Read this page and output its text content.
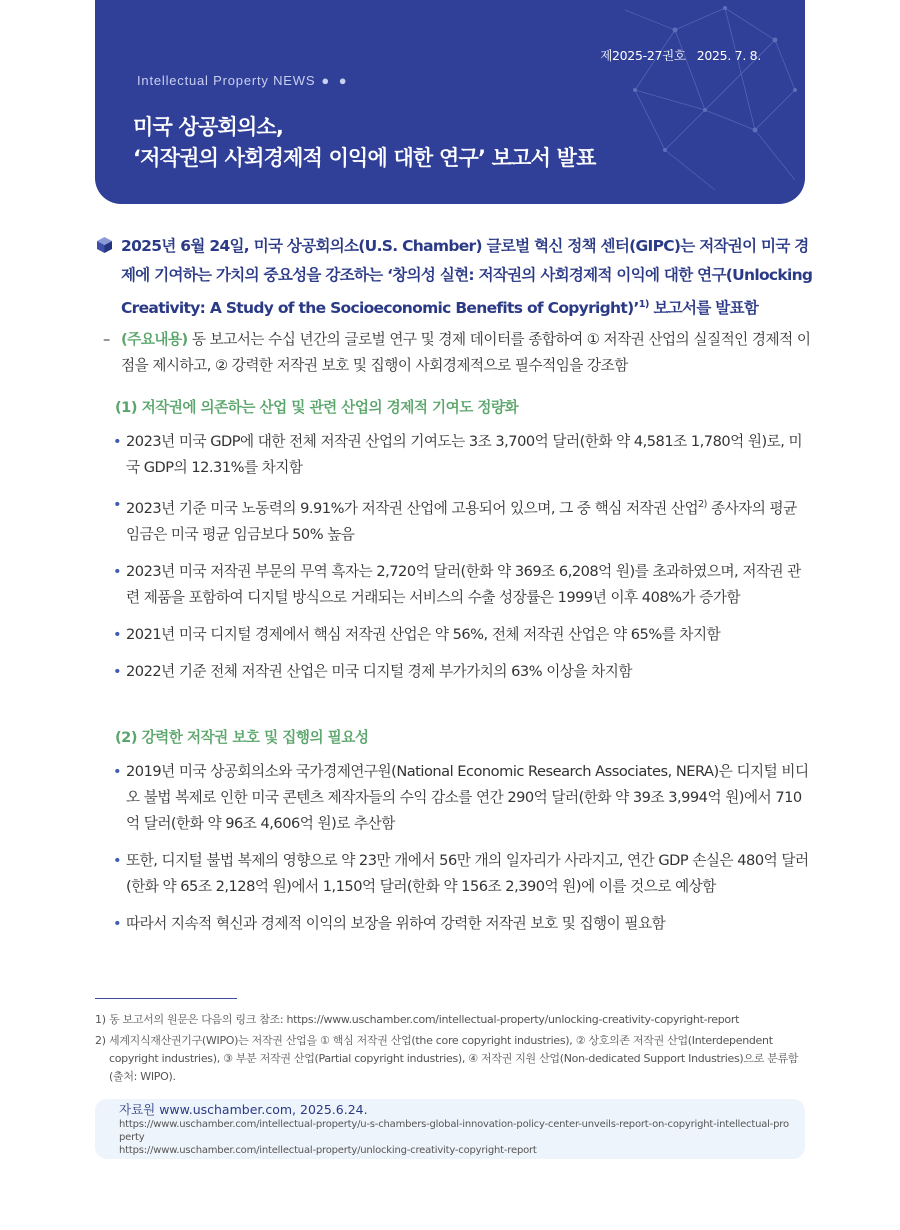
제2025-27권호 2025. 7. 8.
Intellectual Property NEWS ● ●
미국 상공회의소,
‘저작권의 사회경제적 이익에 대한 연구’ 보고서 발표

2025년 6월 24일, 미국 상공회의소(U.S. Chamber) 글로벌 혁신 정책 센터(GIPC)는 저작권이 미국 경제에 기여하는 가치의 중요성을 강조하는 ‘창의성 실현: 저작권의 사회경제적 이익에 대한 연구(Unlocking Creativity: A Study of the Socioeconomic Benefits of Copyright)’$^{1)}$ 보고서를 발표함

– (주요내용) 동 보고서는 수십 년간의 글로벌 연구 및 경제 데이터를 종합하여 ① 저작권 산업의 실질적인 경제적 이점을 제시하고, ② 강력한 저작권 보호 및 집행이 사회경제적으로 필수적임을 강조함

(1) 저작권에 의존하는 산업 및 관련 산업의 경제적 기여도 정량화
• 2023년 미국 GDP에 대한 전체 저작권 산업의 기여도는 3조 3,700억 달러(한화 약 4,581조 1,780억 원)로, 미국 GDP의 12.31%를 차지함
• 2023년 기준 미국 노동력의 9.91%가 저작권 산업에 고용되어 있으며, 그 중 핵심 저작권 산업$^{2)}$ 종사자의 평균 임금은 미국 평균 임금보다 50% 높음
• 2023년 미국 저작권 부문의 무역 흑자는 2,720억 달러(한화 약 369조 6,208억 원)를 초과하였으며, 저작권 관련 제품을 포함하여 디지털 방식으로 거래되는 서비스의 수출 성장률은 1999년 이후 408%가 증가함
• 2021년 미국 디지털 경제에서 핵심 저작권 산업은 약 56%, 전체 저작권 산업은 약 65%를 차지함
• 2022년 기준 전체 저작권 산업은 미국 디지털 경제 부가가치의 63% 이상을 차지함
(2) 강력한 저작권 보호 및 집행의 필요성
• 2019년 미국 상공회의소와 국가경제연구원(National Economic Research Associates, NERA)은 디지털 비디오 불법 복제로 인한 미국 콘텐츠 제작자들의 수익 감소를 연간 290억 달러(한화 약 39조 3,994억 원)에서 710억 달러(한화 약 96조 4,606억 원)로 추산함
• 또한, 디지털 불법 복제의 영향으로 약 23만 개에서 56만 개의 일자리가 사라지고, 연간 GDP 손실은 480억 달러(한화 약 65조 2,128억 원)에서 1,150억 달러(한화 약 156조 2,390억 원)에 이를 것으로 예상함
• 따라서 지속적 혁신과 경제적 이익의 보장을 위하여 강력한 저작권 보호 및 집행이 필요함
1) 동 보고서의 원문은 다음의 링크 참조: https://www.uschamber.com/intellectual-property/unlocking-creativity-copyright-report
2) 세계지식재산권기구(WIPO)는 저작권 산업을 ① 핵심 저작권 산업(the core copyright industries), ② 상호의존 저작권 산업(Interdependent copyright industries), ③ 부분 저작권 산업(Partial copyright industries), ④ 저작권 지원 산업(Non-dedicated Support Industries)으로 분류함(출처: WIPO).
자료원 www.uschamber.com, 2025.6.24.
https://www.uschamber.com/intellectual-property/u-s-chambers-global-innovation-policy-center-unveils-report-on-copyright-intellectual-property
https://www.uschamber.com/intellectual-property/unlocking-creativity-copyright-report
